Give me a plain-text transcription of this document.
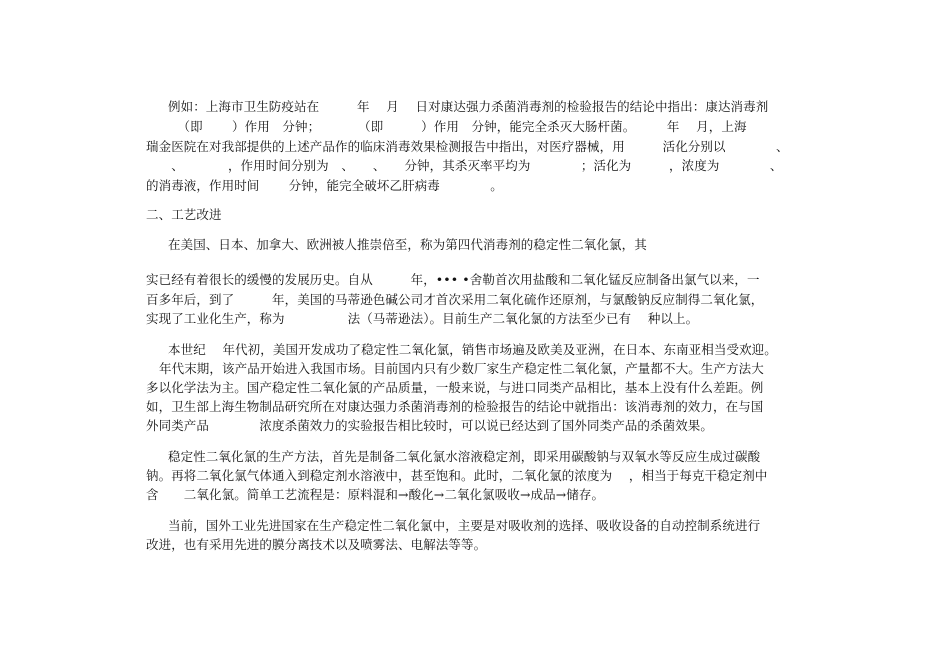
例如：上海市卫生防疫站在　　　年　 月　 日对康达强力杀菌消毒剂的检验报告的结论中指出：康达消毒剂
　　　（即　　 ）作用　分钟；　　　　（即　　　）作用　分钟，能完全杀灭大肠杆菌。　　　年　 月，上海
瑞金医院在对我部提供的上述产品作的临床消毒效果检测报告中指出，对医疗器械，用　　　活化分别以　　　　、
　　、　　　　，作用时间分别为　、　　、　　分钟，其杀灭率平均为　　　　；活化为　　　，浓度为　　　　、
的消毒液，作用时间　　 分钟，能完全破坏乙肝病毒　　　　。
二、工艺改进
在美国、日本、加拿大、欧洲被人推崇倍至，称为第四代消毒剂的稳定性二氧化氯，其
实已经有着很长的缓慢的发展历史。自从　　　年，••• •舍勒首次用盐酸和二氧化锰反应制备出氯气以来，一
百多年后，到了　　　年，美国的马蒂逊色碱公司才首次采用二氧化硫作还原剂，与氯酸钠反应制得二氧化氯，
实现了工业化生产，称为　　　　　法（马蒂逊法）。目前生产二氧化氯的方法至少已有　 种以上。
本世纪　 年代初，美国开发成功了稳定性二氧化氯，销售市场遍及欧美及亚洲，在日本、东南亚相当受欢迎。
年代末期，该产品开始进入我国市场。目前国内只有少数厂家生产稳定性二氧化氯，产量都不大。生产方法大
多以化学法为主。国产稳定性二氧化氯的产品质量，一般来说，与进口同类产品相比，基本上没有什么差距。例
如，卫生部上海生物制品研究所在对康达强力杀菌消毒剂的检验报告的结论中就指出：该消毒剂的效力，在与国
外同类产品　　　　浓度杀菌效力的实验报告相比较时，可以说已经达到了国外同类产品的杀菌效果。
稳定性二氧化氯的生产方法，首先是制备二氧化氯水溶液稳定剂，即采用碳酸钠与双氧水等反应生成过碳酸
钠。再将二氧化氯气体通入到稳定剂水溶液中，甚至饱和。此时，二氧化氯的浓度为　 ，相当于每克干稳定剂中
含　　二氧化氯。简单工艺流程是：原料混和→酸化→二氧化氯吸收→成品→储存。
当前，国外工业先进国家在生产稳定性二氧化氯中，主要是对吸收剂的选择、吸收设备的自动控制系统进行
改进，也有采用先进的膜分离技术以及喷雾法、电解法等等。
